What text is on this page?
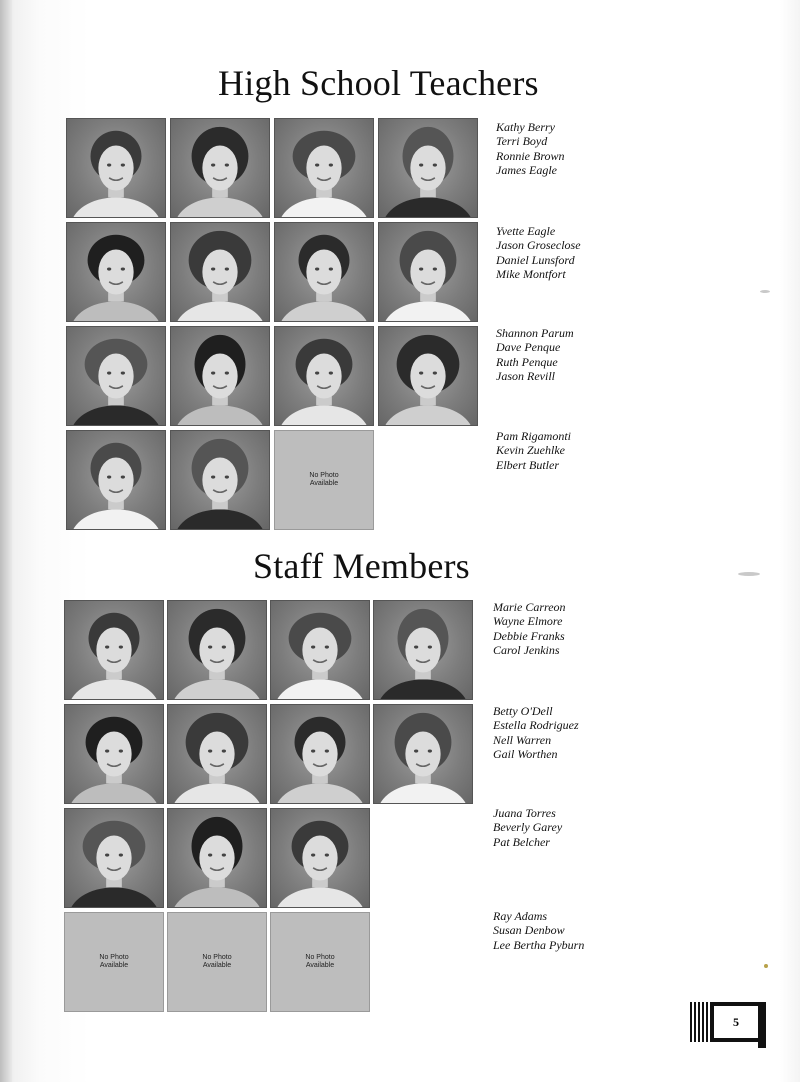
High School Teachers
No Photo
Available
Kathy Berry
Terri Boyd
Ronnie Brown
James Eagle
Yvette Eagle
Jason Groseclose
Daniel Lunsford
Mike Montfort
Shannon Parum
Dave Penque
Ruth Penque
Jason Revill
Pam Rigamonti
Kevin Zuehlke
Elbert Butler
Staff Members
No Photo
Available
No Photo
Available
No Photo
Available
Marie Carreon
Wayne Elmore
Debbie Franks
Carol Jenkins
Betty O'Dell
Estella Rodriguez
Nell Warren
Gail Worthen
Juana Torres
Beverly Garey
Pat Belcher
Ray Adams
Susan Denbow
Lee Bertha Pyburn
5
